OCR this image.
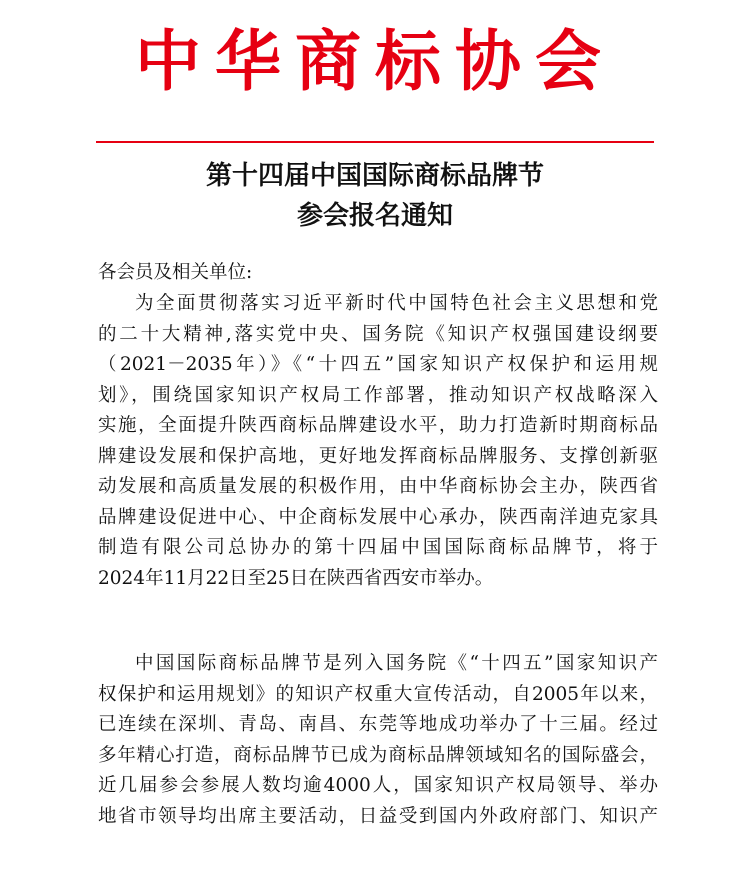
中华商标协会
第十四届中国国际商标品牌节
参会报名通知
各会员及相关单位:
为全面贯彻落实习近平新时代中国特色社会主义思想和党
的二十大精神,落实党中央、国务院《知识产权强国建设纲要
（2021－2035年）》《“十四五”国家知识产权保护和运用规
划》，围绕国家知识产权局工作部署，推动知识产权战略深入
实施，全面提升陕西商标品牌建设水平，助力打造新时期商标品
牌建设发展和保护高地，更好地发挥商标品牌服务、支撑创新驱
动发展和高质量发展的积极作用，由中华商标协会主办，陕西省
品牌建设促进中心、中企商标发展中心承办，陕西南洋迪克家具
制造有限公司总协办的第十四届中国国际商标品牌节，将于
2024年11月22日至25日在陕西省西安市举办。
中国国际商标品牌节是列入国务院《“十四五”国家知识产
权保护和运用规划》的知识产权重大宣传活动，自2005年以来，
已连续在深圳、青岛、南昌、东莞等地成功举办了十三届。经过
多年精心打造，商标品牌节已成为商标品牌领域知名的国际盛会，
近几届参会参展人数均逾4000人，国家知识产权局领导、举办
地省市领导均出席主要活动，日益受到国内外政府部门、知识产
